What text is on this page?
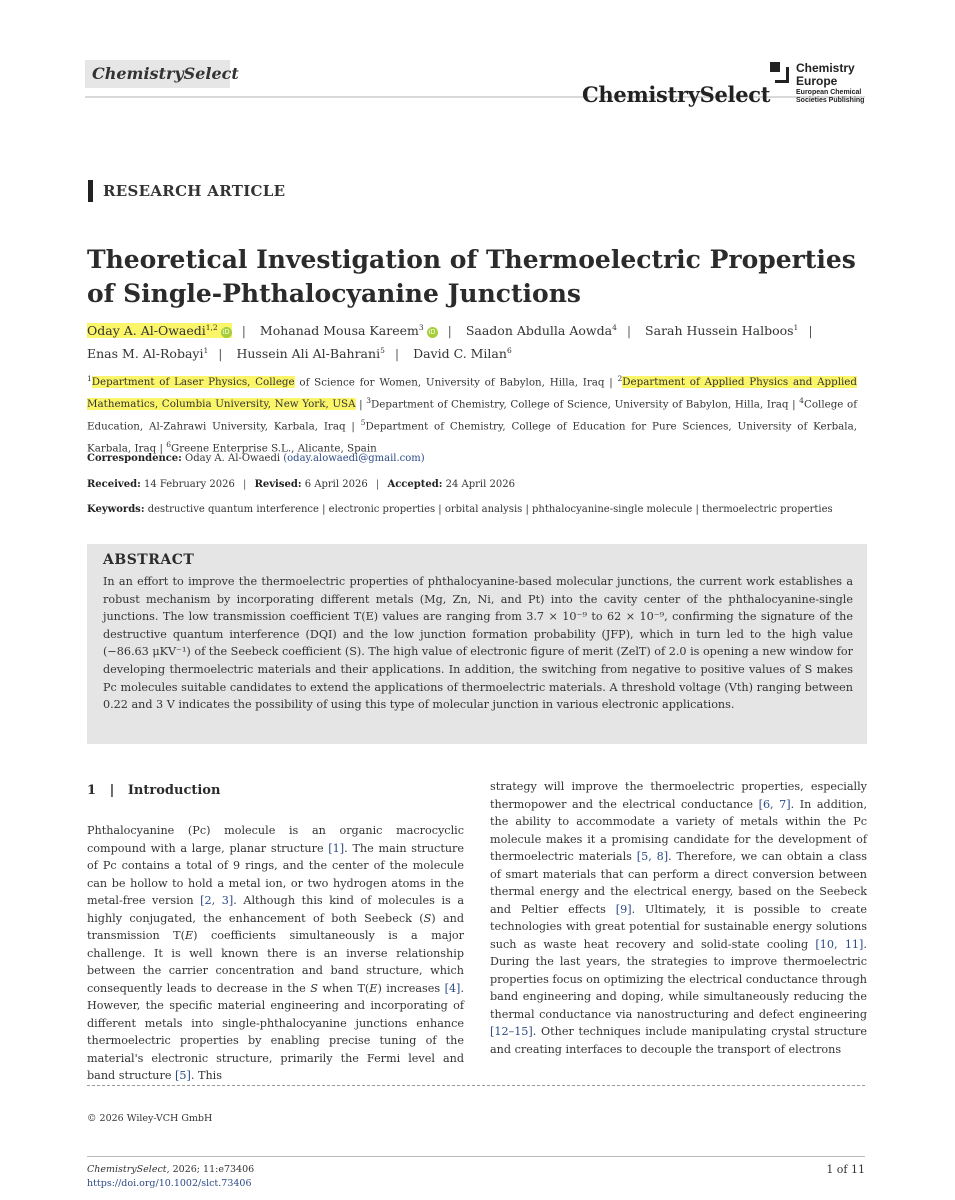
ChemistrySelect
ChemistrySelect
Chemistry
Europe
European Chemical
Societies Publishing
RESEARCH ARTICLE
Theoretical Investigation of Thermoelectric Properties of Single-Phthalocyanine Junctions
Oday A. Al-Owaedi$^{1,2}$iD | Mohanad Mousa Kareem$^3$iD | Saadon Abdulla Aowda$^4$ | Sarah Hussein Halboos$^1$ |
Enas M. Al-Robayi$^1$ | Hussein Ali Al-Bahrani$^5$ | David C. Milan$^6$
$^1$Department of Laser Physics, College of Science for Women, University of Babylon, Hilla, Iraq | $^2$Department of Applied Physics and Applied Mathematics, Columbia University, New York, USA | $^3$Department of Chemistry, College of Science, University of Babylon, Hilla, Iraq | $^4$College of Education, Al-Zahrawi University, Karbala, Iraq | $^5$Department of Chemistry, College of Education for Pure Sciences, University of Kerbala, Karbala, Iraq | $^6$Greene Enterprise S.L., Alicante, Spain
Correspondence: Oday A. Al-Owaedi (oday.alowaedi@gmail.com)
Received: 14 February 2026 | Revised: 6 April 2026 | Accepted: 24 April 2026
Keywords: destructive quantum interference | electronic properties | orbital analysis | phthalocyanine-single molecule | thermoelectric properties
ABSTRACT

In an effort to improve the thermoelectric properties of phthalocyanine-based molecular junctions, the current work establishes a robust mechanism by incorporating different metals (Mg, Zn, Ni, and Pt) into the cavity center of the phthalocyanine-single junctions. The low transmission coefficient T(E) values are ranging from 3.7 × 10⁻⁹ to 62 × 10⁻⁹, confirming the signature of the destructive quantum interference (DQI) and the low junction formation probability (JFP), which in turn led to the high value (−86.63 μKV⁻¹) of the Seebeck coefficient (S). The high value of electronic figure of merit (ZelT) of 2.0 is opening a new window for developing thermoelectric materials and their applications. In addition, the switching from negative to positive values of S makes Pc molecules suitable candidates to extend the applications of thermoelectric materials. A threshold voltage (Vth) ranging between 0.22 and 3 V indicates the possibility of using this type of molecular junction in various electronic applications.

1 | Introduction
Phthalocyanine (Pc) molecule is an organic macrocyclic compound with a large, planar structure [1]. The main structure of Pc contains a total of 9 rings, and the center of the molecule can be hollow to hold a metal ion, or two hydrogen atoms in the metal-free version [2, 3]. Although this kind of molecules is a highly conjugated, the enhancement of both Seebeck (S) and transmission T(E) coefficients simultaneously is a major challenge. It is well known there is an inverse relationship between the carrier concentration and band structure, which consequently leads to decrease in the S when T(E) increases [4]. However, the specific material engineering and incorporating of different metals into single-phthalocyanine junctions enhance thermoelectric properties by enabling precise tuning of the material's electronic structure, primarily the Fermi level and band structure [5]. This
strategy will improve the thermoelectric properties, especially thermopower and the electrical conductance [6, 7]. In addition, the ability to accommodate a variety of metals within the Pc molecule makes it a promising candidate for the development of thermoelectric materials [5, 8]. Therefore, we can obtain a class of smart materials that can perform a direct conversion between thermal energy and the electrical energy, based on the Seebeck and Peltier effects [9]. Ultimately, it is possible to create technologies with great potential for sustainable energy solutions such as waste heat recovery and solid-state cooling [10, 11]. During the last years, the strategies to improve thermoelectric properties focus on optimizing the electrical conductance through band engineering and doping, while simultaneously reducing the thermal conductance via nanostructuring and defect engineering [12–15]. Other techniques include manipulating crystal structure and creating interfaces to decouple the transport of electrons
© 2026 Wiley-VCH GmbH
ChemistrySelect, 2026; 11:e73406
https://doi.org/10.1002/slct.73406
1 of 11
